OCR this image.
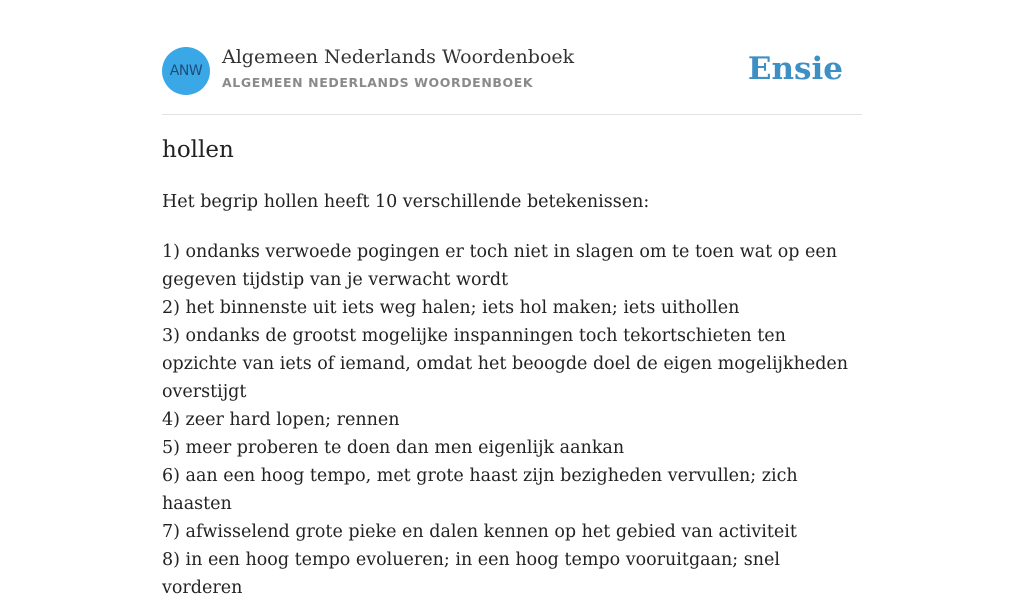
ANW
Algemeen Nederlands Woordenboek
ALGEMEEN NEDERLANDS WOORDENBOEK	Ensie
hollen

Het begrip hollen heeft 10 verschillende betekenissen:

1) ondanks verwoede pogingen er toch niet in slagen om te toen wat op een gegeven tijdstip van je verwacht wordt
2) het binnenste uit iets weg halen; iets hol maken; iets uithollen
3) ondanks de grootst mogelijke inspanningen toch tekortschieten ten opzichte van iets of iemand, omdat het beoogde doel de eigen mogelijkheden overstijgt
4) zeer hard lopen; rennen
5) meer proberen te doen dan men eigenlijk aankan
6) aan een hoog tempo, met grote haast zijn bezigheden vervullen; zich haasten
7) afwisselend grote pieke en dalen kennen op het gebied van activiteit
8) in een hoog tempo evolueren; in een hoog tempo vooruitgaan; snel vorderen
